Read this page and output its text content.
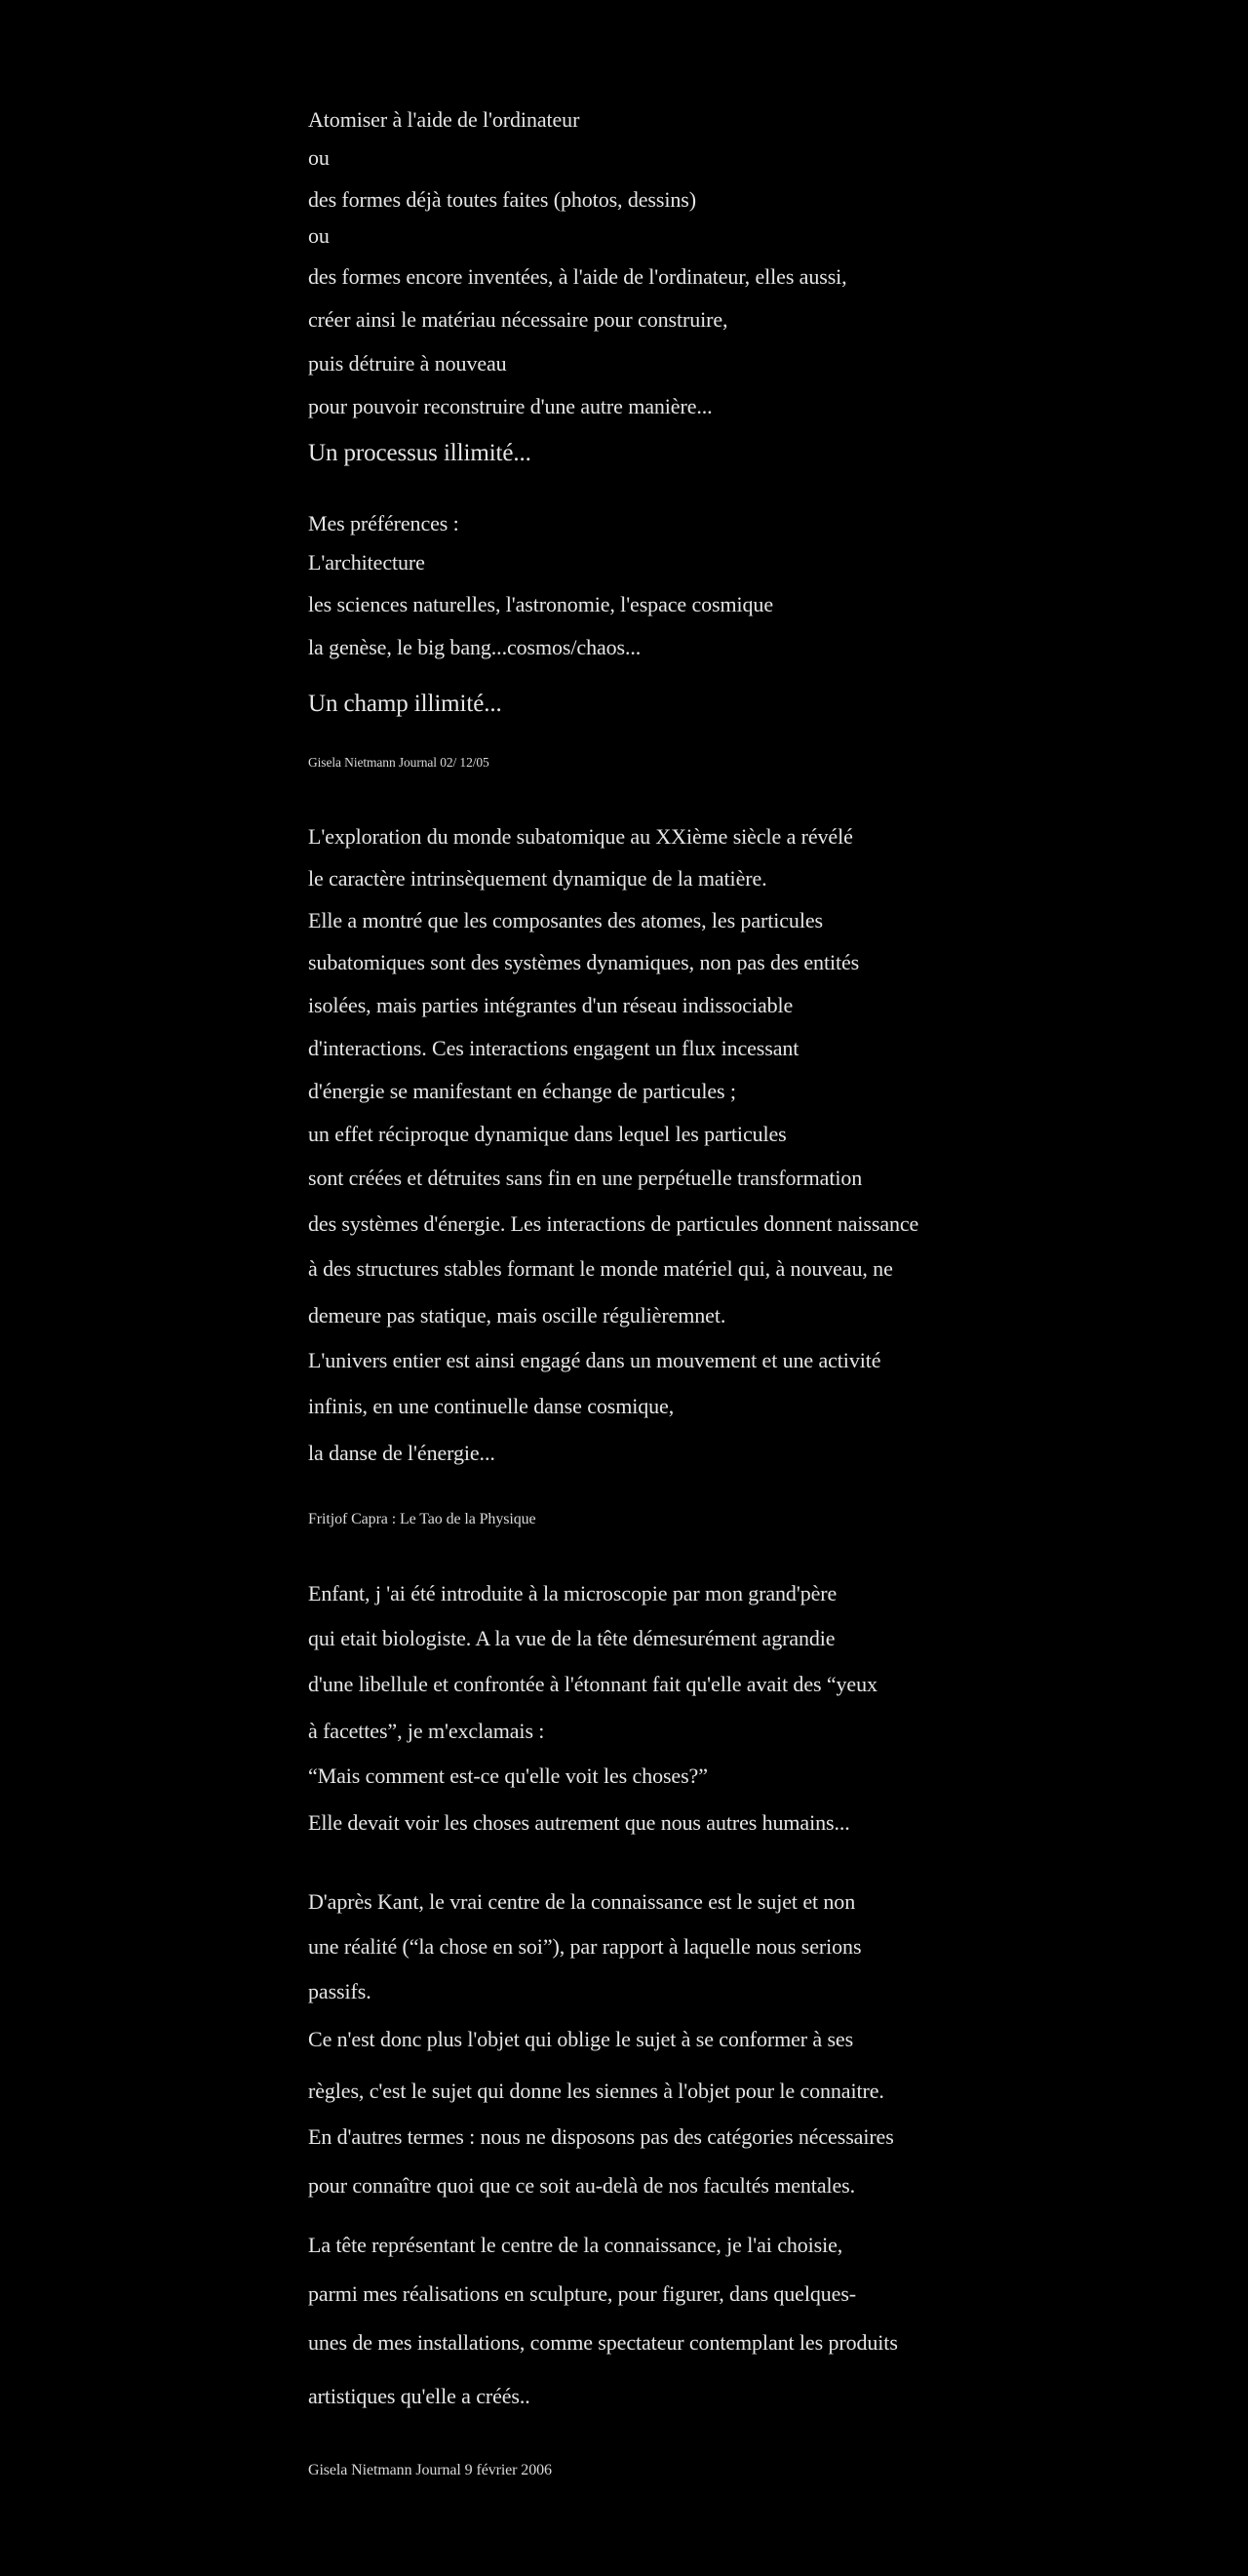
Atomiser à l'aide de l'ordinateur
ou
des formes déjà toutes faites (photos, dessins)
ou
des formes encore inventées, à l'aide de l'ordinateur, elles aussi,
créer ainsi le matériau nécessaire pour construire,
puis détruire à nouveau
pour pouvoir reconstruire d'une autre manière...
Un processus illimité...
Mes préférences :
L'architecture
les sciences naturelles, l'astronomie, l'espace cosmique
la genèse, le big bang...cosmos/chaos...
Un champ illimité...
Gisela Nietmann Journal 02/ 12/05
L'exploration du monde subatomique au XXième siècle a révélé
le caractère intrinsèquement dynamique de la matière.
Elle a montré que les composantes des atomes, les particules
subatomiques sont des systèmes dynamiques, non pas des entités
isolées, mais parties intégrantes d'un réseau indissociable
d'interactions. Ces interactions engagent un flux incessant
d'énergie se manifestant en échange de particules ;
un effet réciproque dynamique dans lequel les particules
sont créées et détruites sans fin en une perpétuelle transformation
des systèmes d'énergie. Les interactions de particules donnent naissance
à des structures stables formant le monde matériel qui, à nouveau, ne
demeure pas statique, mais oscille régulièremnet.
L'univers entier est ainsi engagé dans un mouvement et une activité
infinis, en une continuelle danse cosmique,
la danse de l'énergie...
Fritjof Capra : Le Tao de la Physique
Enfant, j 'ai été introduite à la microscopie par mon grand'père
qui etait biologiste. A la vue de la tête démesurément agrandie
d'une libellule et confrontée à l'étonnant fait qu'elle avait des “yeux
à facettes”, je m'exclamais :
“Mais comment est-ce qu'elle voit les choses?”
Elle devait voir les choses autrement que nous autres humains...
D'après Kant, le vrai centre de la connaissance est le sujet et non
une réalité (“la chose en soi”), par rapport à laquelle nous serions
passifs.
Ce n'est donc plus l'objet qui oblige le sujet à se conformer à ses
règles, c'est le sujet qui donne les siennes à l'objet pour le connaitre.
En d'autres termes : nous ne disposons pas des catégories nécessaires
pour connaître quoi que ce soit au-delà de nos facultés mentales.
La tête représentant le centre de la connaissance, je l'ai choisie,
parmi mes réalisations en sculpture, pour figurer, dans quelques-
unes de mes installations, comme spectateur contemplant les produits
artistiques qu'elle a créés..
Gisela Nietmann Journal 9 février 2006
